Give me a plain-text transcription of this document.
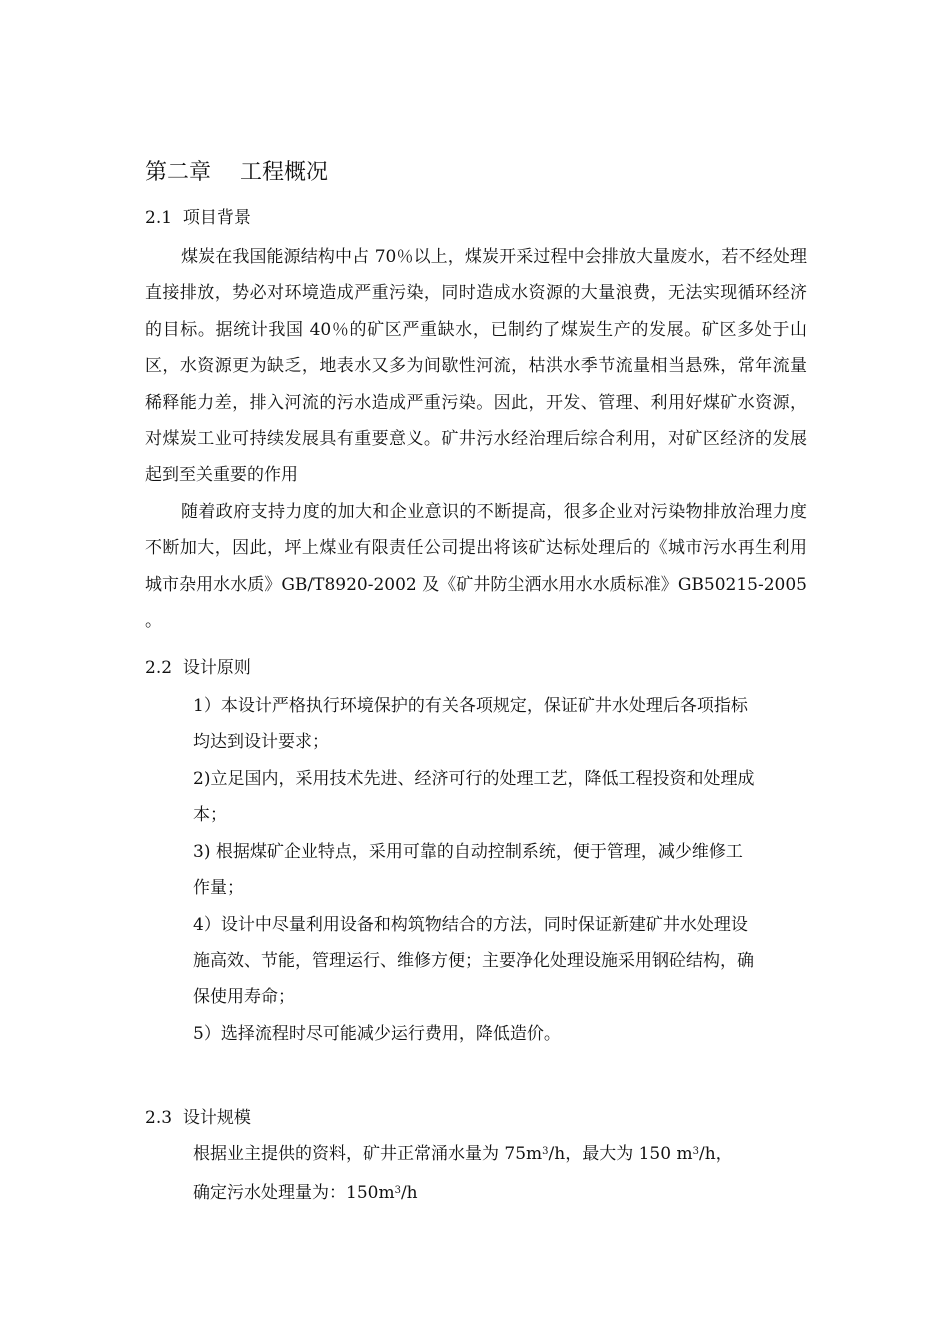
第二章　 工程概况
2.1  项目背景

煤炭在我国能源结构中占 70％以上，煤炭开采过程中会排放大量废水，若不经处理直接排放，势必对环境造成严重污染，同时造成水资源的大量浪费，无法实现循环经济的目标。据统计我国 40％的矿区严重缺水，已制约了煤炭生产的发展。矿区多处于山区，水资源更为缺乏，地表水又多为间歇性河流，枯洪水季节流量相当悬殊，常年流量稀释能力差，排入河流的污水造成严重污染。因此，开发、管理、利用好煤矿水资源，对煤炭工业可持续发展具有重要意义。矿井污水经治理后综合利用，对矿区经济的发展起到至关重要的作用

随着政府支持力度的加大和企业意识的不断提高，很多企业对污染物排放治理力度不断加大，因此，坪上煤业有限责任公司提出将该矿达标处理后的《城市污水再生利用　城市杂用水水质》GB/T8920-2002 及《矿井防尘洒水用水水质标准》GB50215-2005 。

2.2  设计原则

1）本设计严格执行环境保护的有关各项规定，保证矿井水处理后各项指标均达到设计要求；

2)立足国内，采用技术先进、经济可行的处理工艺，降低工程投资和处理成本；

3) 根据煤矿企业特点，采用可靠的自动控制系统，便于管理，减少维修工作量；

4）设计中尽量利用设备和构筑物结合的方法，同时保证新建矿井水处理设施高效、节能，管理运行、维修方便；主要净化处理设施采用钢砼结构，确保使用寿命；

5）选择流程时尽可能减少运行费用，降低造价。

2.3  设计规模

根据业主提供的资料，矿井正常涌水量为 $75m^3/h$，最大为 150 $m^3/h$，

确定污水处理量为：$150m^3/h$
